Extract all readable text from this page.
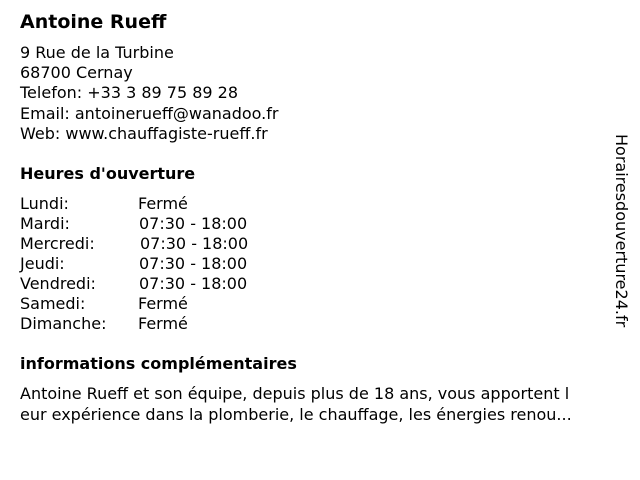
Antoine Rueff
9 Rue de la Turbine
68700 Cernay
Telefon: +33 3 89 75 89 28
Email: antoinerueff@wanadoo.fr
Web: www.chauffagiste-rueff.fr
Heures d'ouverture
Lundi:	Fermé
Mardi:	07:30 - 18:00
Mercredi:	07:30 - 18:00
Jeudi:	07:30 - 18:00
Vendredi:	07:30 - 18:00
Samedi:	Fermé
Dimanche: Fermé
informations complémentaires
Antoine Rueff et son équipe, depuis plus de 18 ans, vous apportent l
eur expérience dans la plomberie, le chauffage, les énergies renou...
Horairesdouverture24.fr
